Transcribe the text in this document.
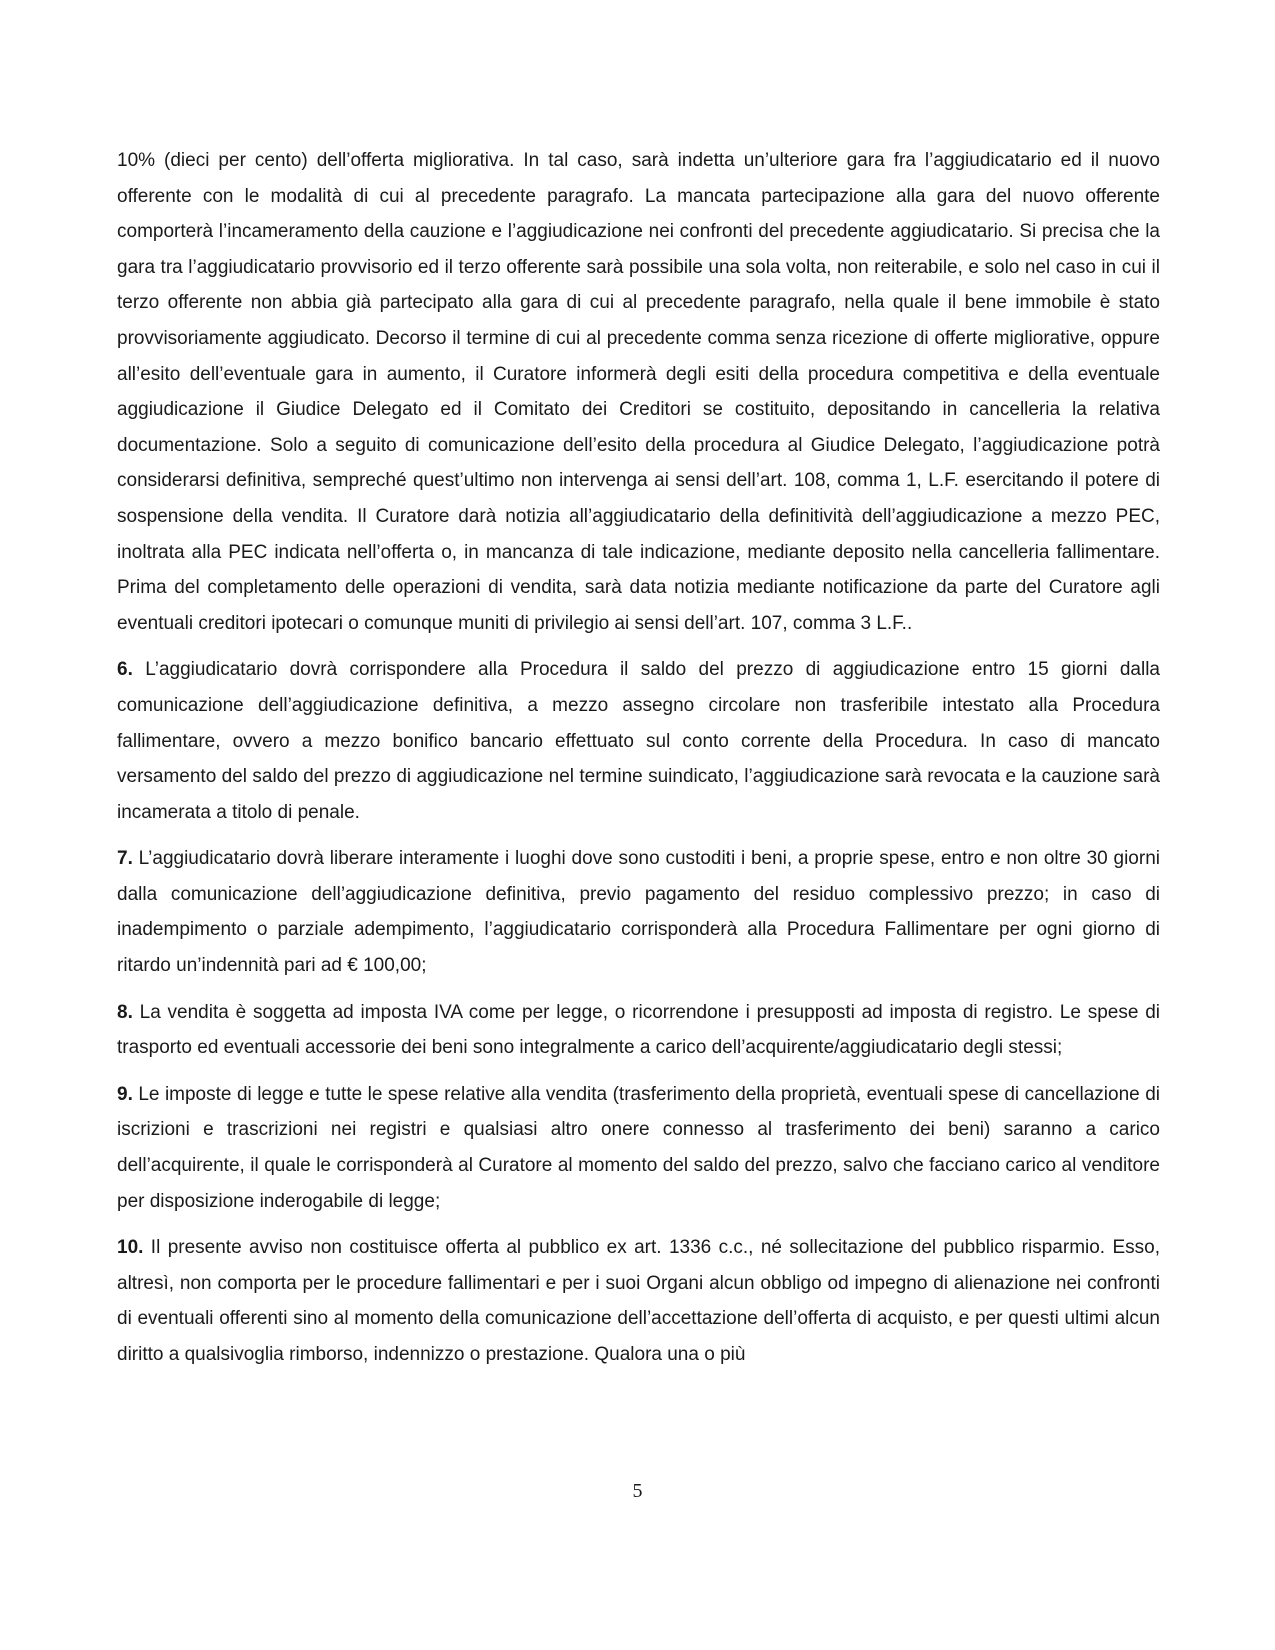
10% (dieci per cento) dell’offerta migliorativa. In tal caso, sarà indetta un’ulteriore gara fra l’aggiudicatario ed il nuovo offerente con le modalità di cui al precedente paragrafo. La mancata partecipazione alla gara del nuovo offerente comporterà l’incameramento della cauzione e l’aggiudicazione nei confronti del precedente aggiudicatario. Si precisa che la gara tra l’aggiudicatario provvisorio ed il terzo offerente sarà possibile una sola volta, non reiterabile, e solo nel caso in cui il terzo offerente non abbia già partecipato alla gara di cui al precedente paragrafo, nella quale il bene immobile è stato provvisoriamente aggiudicato. Decorso il termine di cui al precedente comma senza ricezione di offerte migliorative, oppure all’esito dell’eventuale gara in aumento, il Curatore informerà degli esiti della procedura competitiva e della eventuale aggiudicazione il Giudice Delegato ed il Comitato dei Creditori se costituito, depositando in cancelleria la relativa documentazione. Solo a seguito di comunicazione dell’esito della procedura al Giudice Delegato, l’aggiudicazione potrà considerarsi definitiva, sempreché quest’ultimo non intervenga ai sensi dell’art. 108, comma 1, L.F. esercitando il potere di sospensione della vendita. Il Curatore darà notizia all’aggiudicatario della definitività dell’aggiudicazione a mezzo PEC, inoltrata alla PEC indicata nell’offerta o, in mancanza di tale indicazione, mediante deposito nella cancelleria fallimentare. Prima del completamento delle operazioni di vendita, sarà data notizia mediante notificazione da parte del Curatore agli eventuali creditori ipotecari o comunque muniti di privilegio ai sensi dell’art. 107, comma 3 L.F..

6. L’aggiudicatario dovrà corrispondere alla Procedura il saldo del prezzo di aggiudicazione entro 15 giorni dalla comunicazione dell’aggiudicazione definitiva, a mezzo assegno circolare non trasferibile intestato alla Procedura fallimentare, ovvero a mezzo bonifico bancario effettuato sul conto corrente della Procedura. In caso di mancato versamento del saldo del prezzo di aggiudicazione nel termine suindicato, l’aggiudicazione sarà revocata e la cauzione sarà incamerata a titolo di penale.

7. L’aggiudicatario dovrà liberare interamente i luoghi dove sono custoditi i beni, a proprie spese, entro e non oltre 30 giorni dalla comunicazione dell’aggiudicazione definitiva, previo pagamento del residuo complessivo prezzo; in caso di inadempimento o parziale adempimento, l’aggiudicatario corrisponderà alla Procedura Fallimentare per ogni giorno di ritardo un’indennità pari ad € 100,00;

8. La vendita è soggetta ad imposta IVA come per legge, o ricorrendone i presupposti ad imposta di registro. Le spese di trasporto ed eventuali accessorie dei beni sono integralmente a carico dell’acquirente/aggiudicatario degli stessi;

9. Le imposte di legge e tutte le spese relative alla vendita (trasferimento della proprietà, eventuali spese di cancellazione di iscrizioni e trascrizioni nei registri e qualsiasi altro onere connesso al trasferimento dei beni) saranno a carico dell’acquirente, il quale le corrisponderà al Curatore al momento del saldo del prezzo, salvo che facciano carico al venditore per disposizione inderogabile di legge;

10. Il presente avviso non costituisce offerta al pubblico ex art. 1336 c.c., né sollecitazione del pubblico risparmio. Esso, altresì, non comporta per le procedure fallimentari e per i suoi Organi alcun obbligo od impegno di alienazione nei confronti di eventuali offerenti sino al momento della comunicazione dell’accettazione dell’offerta di acquisto, e per questi ultimi alcun diritto a qualsivoglia rimborso, indennizzo o prestazione. Qualora una o più

5
